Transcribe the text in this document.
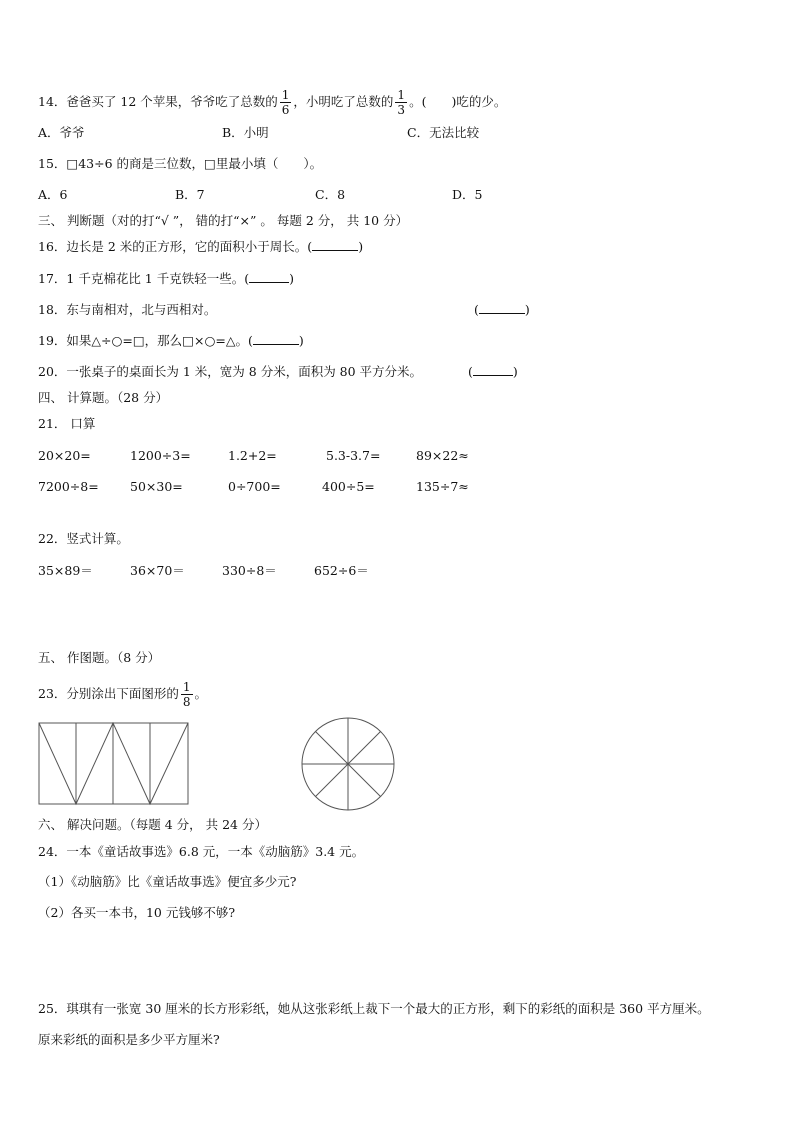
14．爸爸买了 12 个苹果，爷爷吃了总数的 $\frac{1}{6}$ ，小明吃了总数的 $\frac{1}{3}$ 。(　　)吃的少。
A．爷爷	B．小明	C．无法比较
15．□43÷6 的商是三位数，□里最小填（　　）。
A．6	B．7	C．8	D．5
三、 判断题（对的打“√ ”， 错的打“×” 。 每题 2 分， 共 10 分）
16．边长是 2 米的正方形，它的面积小于周长。(	)
17．1 千克棉花比 1 千克铁轻一些。(	)
18．东与南相对，北与西相对。	(	)
19．如果△÷○=□，那么□×○=△。(	)
20．一张桌子的桌面长为 1 米，宽为 8 分米，面积为 80 平方分米。	(	)
四、 计算题。（28 分）
21． 口算
20×20=	1200÷3=	1.2+2=	5.3-3.7=	89×22≈
7200÷8=	50×30=	0÷700=	400÷5=	135÷7≈
22．竖式计算。
35×89＝	36×70＝	330÷8＝	652÷6＝
五、 作图题。（8 分）
23．分别涂出下面图形的 $\frac{1}{8}$ 。
六、 解决问题。（每题 4 分， 共 24 分）
24．一本《童话故事选》6.8 元，一本《动脑筋》3.4 元。
（1）《动脑筋》比《童话故事选》便宜多少元?
（2）各买一本书，10 元钱够不够?
25．琪琪有一张宽 30 厘米的长方形彩纸，她从这张彩纸上裁下一个最大的正方形，剩下的彩纸的面积是 360 平方厘米。
原来彩纸的面积是多少平方厘米?
